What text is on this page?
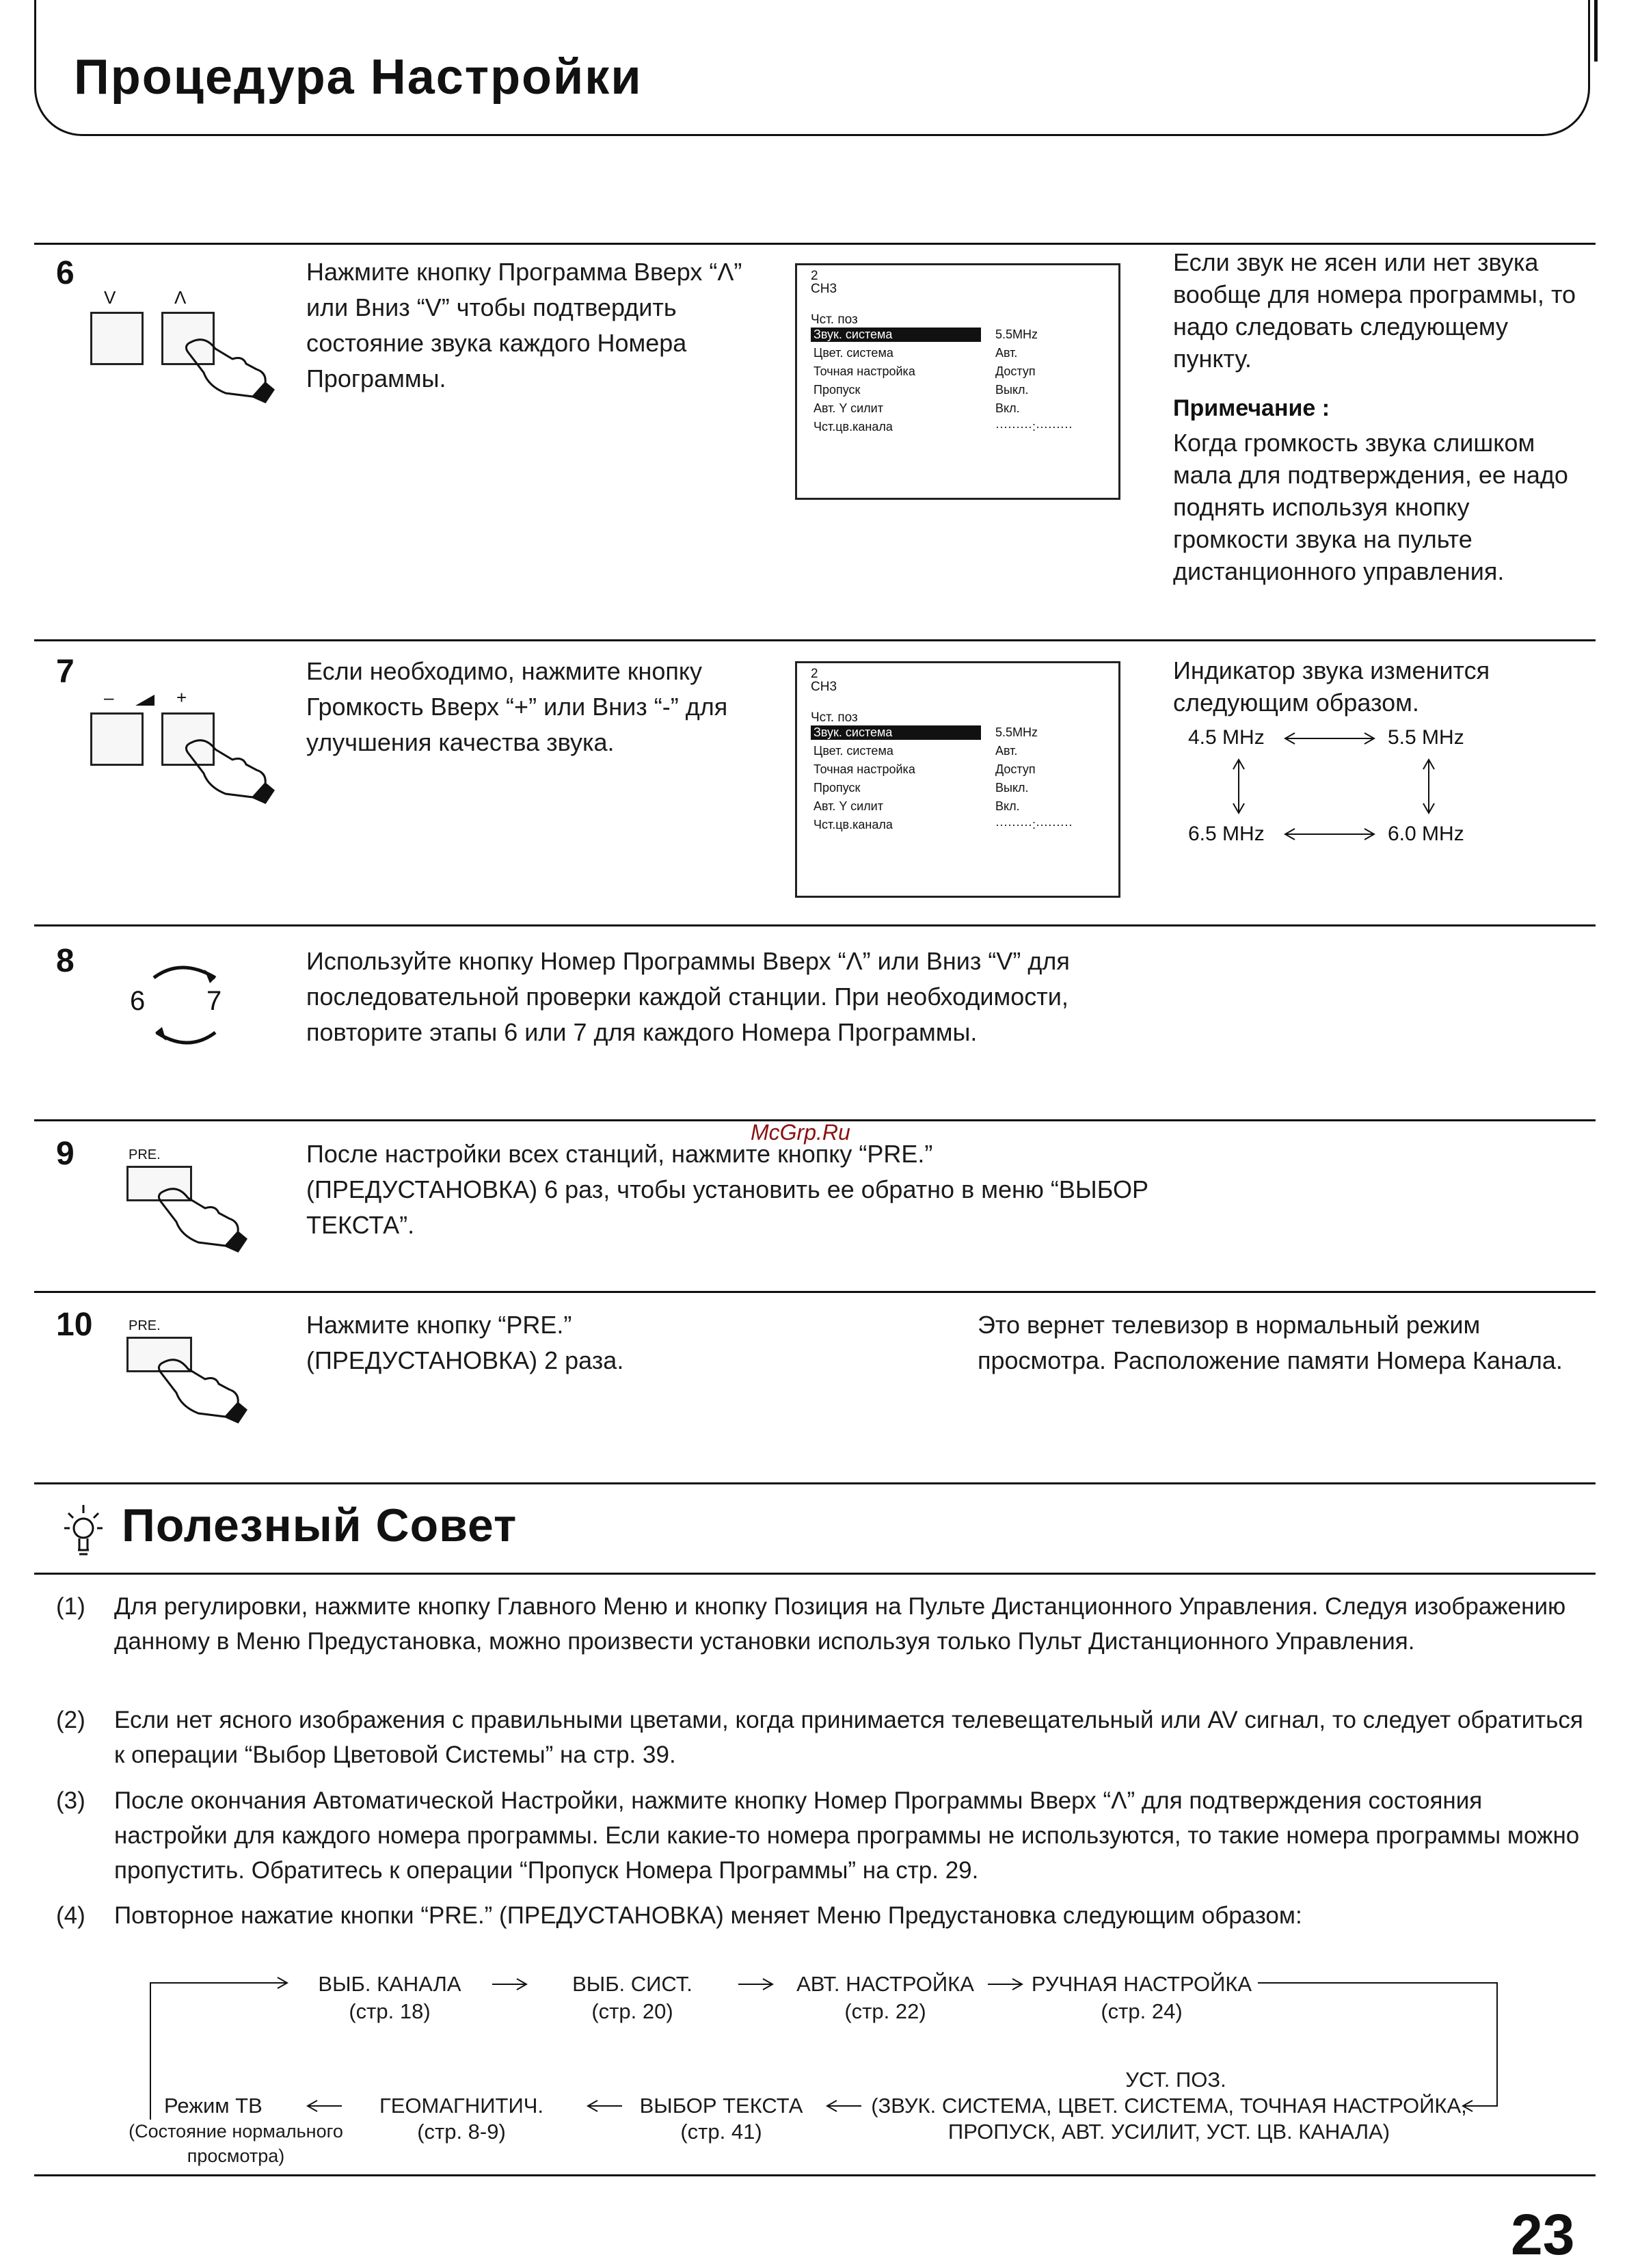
Процедура Настройки
6
V	Λ
Нажмите кнопку Программа Вверх “Λ” или Вниз “V” чтобы подтвердить состояние звука каждого Номера Программы.
2
CH3
Чст. поз
Звук. система	5.5MHz
Цвет. система	Авт.
Точная настройка	Доступ
Пропуск	Выкл.
Авт. Y силит	Вкл.
Чст.цв.канала	·········:·········
Если звук не ясен или нет звука вообще для номера программы, то надо следовать следующему пункту.
Примечание :
Когда громкость звука слишком мала для подтверждения, ее надо поднять используя кнопку громкости звука на пульте дистанционного управления.
7
–	+
Если необходимо, нажмите кнопку Громкость Вверх “+” или Вниз “-” для улучшения качества звука.
2
CH3
Чст. поз
Звук. система	5.5MHz
Цвет. система	Авт.
Точная настройка	Доступ
Пропуск	Выкл.
Авт. Y силит	Вкл.
Чст.цв.канала	·········:·········
Индикатор звука изменится следующим образом.
4.5 MHz	5.5 MHz
6.5 MHz	6.0 MHz
8
6 7
Используйте кнопку Номер Программы Вверх “Λ” или Вниз “V” для последовательной проверки каждой станции. При необходимости, повторите этапы 6 или 7 для каждого Номера Программы.
9	PRE.	После настройки всех станций, нажмите кнопку “PRE.” (ПРЕДУСТАНОВКА) 6 раз, чтобы установить ее обратно в меню “ВЫБОР ТЕКСТА”.
10	PRE.	Нажмите кнопку “PRE.” (ПРЕДУСТАНОВКА) 2 раза.
Это вернет телевизор в нормальный режим просмотра. Расположение памяти Номера Канала.
Полезный Совет
(1) Для регулировки, нажмите кнопку Главного Меню и кнопку Позиция на Пульте Дистанционного Управления. Следуя изображению данному в Меню Предустановка, можно произвести установки используя только Пульт Дистанционного Управления.
(2) Если нет ясного изображения с правильными цветами, когда принимается телевещательный или AV сигнал, то следует обратиться к операции “Выбор Цветовой Системы” на стр. 39.
(3) После окончания Автоматической Настройки, нажмите кнопку Номер Программы Вверх “Λ” для подтверждения состояния настройки для каждого номера программы. Если какие-то номера программы не используются, то такие номера программы можно пропустить. Обратитесь к операции “Пропуск Номера Программы” на стр. 29.
(4) Повторное нажатие кнопки “PRE.” (ПРЕДУСТАНОВКА) меняет Меню Предустановка следующим образом:
ВЫБ. КАНАЛА
(стр. 18)
ВЫБ. СИСТ.
(стр. 20)
АВТ. НАСТРОЙКА
(стр. 22)
РУЧНАЯ НАСТРОЙКА
(стр. 24)
УСТ. ПОЗ.
(ЗВУК. СИСТЕМА, ЦВЕТ. СИСТЕМА, ТОЧНАЯ НАСТРОЙКА,
ПРОПУСК, АВТ. УСИЛИТ, УСТ. ЦВ. КАНАЛА)
ВЫБОР ТЕКСТА
(стр. 41)
ГЕОМАГНИТИЧ.
(стр. 8-9)
Режим ТВ
(Состояние нормального
просмотра)
23
McGrp.Ru
